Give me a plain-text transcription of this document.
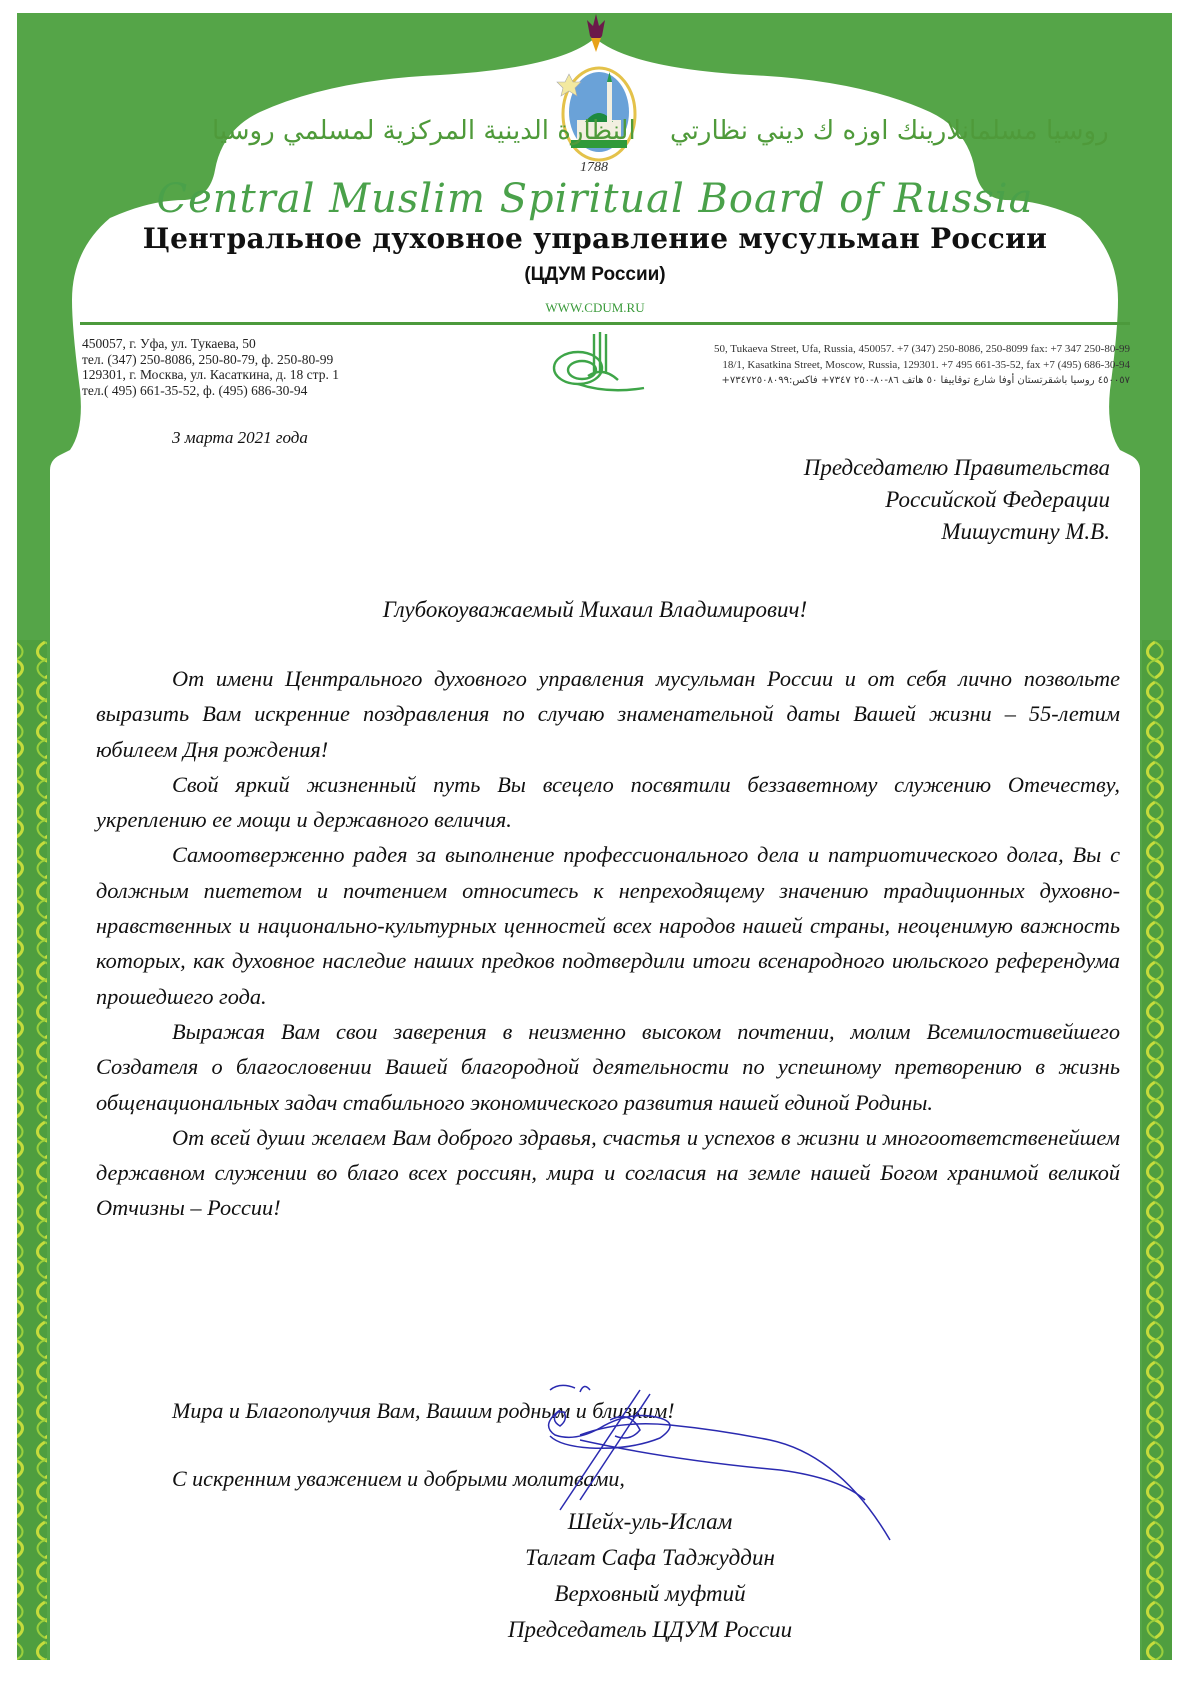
النظارة الدينية المركزية لمسلمي روسيا روسيا مسلمانلارينك اوزه ك ديني نظارتي
1788
Central Muslim Spiritual Board of Russia
Центральное духовное управление мусульман России
(ЦДУМ России)
WWW.CDUM.RU
450057, г. Уфа, ул. Тукаева, 50
тел. (347) 250-8086, 250-80-79, ф. 250-80-99
129301, г. Москва, ул. Касаткина, д. 18 стр. 1
тел.( 495) 661-35-52, ф. (495) 686-30-94
50, Tukaeva Street, Ufa, Russia, 450057. +7 (347) 250-8086, 250-8099 fax: +7 347 250-80-99
18/1, Kasatkina Street, Moscow, Russia, 129301. +7 495 661-35-52, fax +7 (495) 686-30-94
٤٥٠٠٥٧ روسيا باشقرتستان أوفا شارع توقاييفا ٥٠ هاتف ٨٦-٨٠-٢٥٠ ٧٣٤٧+ فاكس:٧٣٤٧٢٥٠٨٠٩٩+
3 марта 2021 года
Председателю Правительства
Российской Федерации
Мишустину М.В.
Глубокоуважаемый Михаил Владимирович!

От имени Центрального духовного управления мусульман России и от себя лично позвольте выразить Вам искренние поздравления по случаю знаменательной даты Вашей жизни – 55-летим юбилеем Дня рождения!

Свой яркий жизненный путь Вы всецело посвятили беззаветному служению Отечеству, укреплению ее мощи и державного величия.

Самоотверженно радея за выполнение профессионального дела и патриотического долга, Вы с должным пиететом и почтением относитесь к непреходящему значению традиционных духовно-нравственных и национально-культурных ценностей всех народов нашей страны, неоценимую важность которых, как духовное наследие наших предков подтвердили итоги всенародного июльского референдума прошедшего года.

Выражая Вам свои заверения в неизменно высоком почтении, молим Всемилостивейшего Создателя о благословении Вашей благородной деятельности по успешному претворению в жизнь общенациональных задач стабильного экономического развития нашей единой Родины.

От всей души желаем Вам доброго здравья, счастья и успехов в жизни и многоответственейшем державном служении во благо всех россиян, мира и согласия на земле нашей Богом хранимой великой Отчизны – России!

Мира и Благополучия Вам, Вашим родным и близким!
С искренним уважением и добрыми молитвами,
Шейх-уль-Ислам
Талгат Сафа Таджуддин
Верховный муфтий
Председатель ЦДУМ России
